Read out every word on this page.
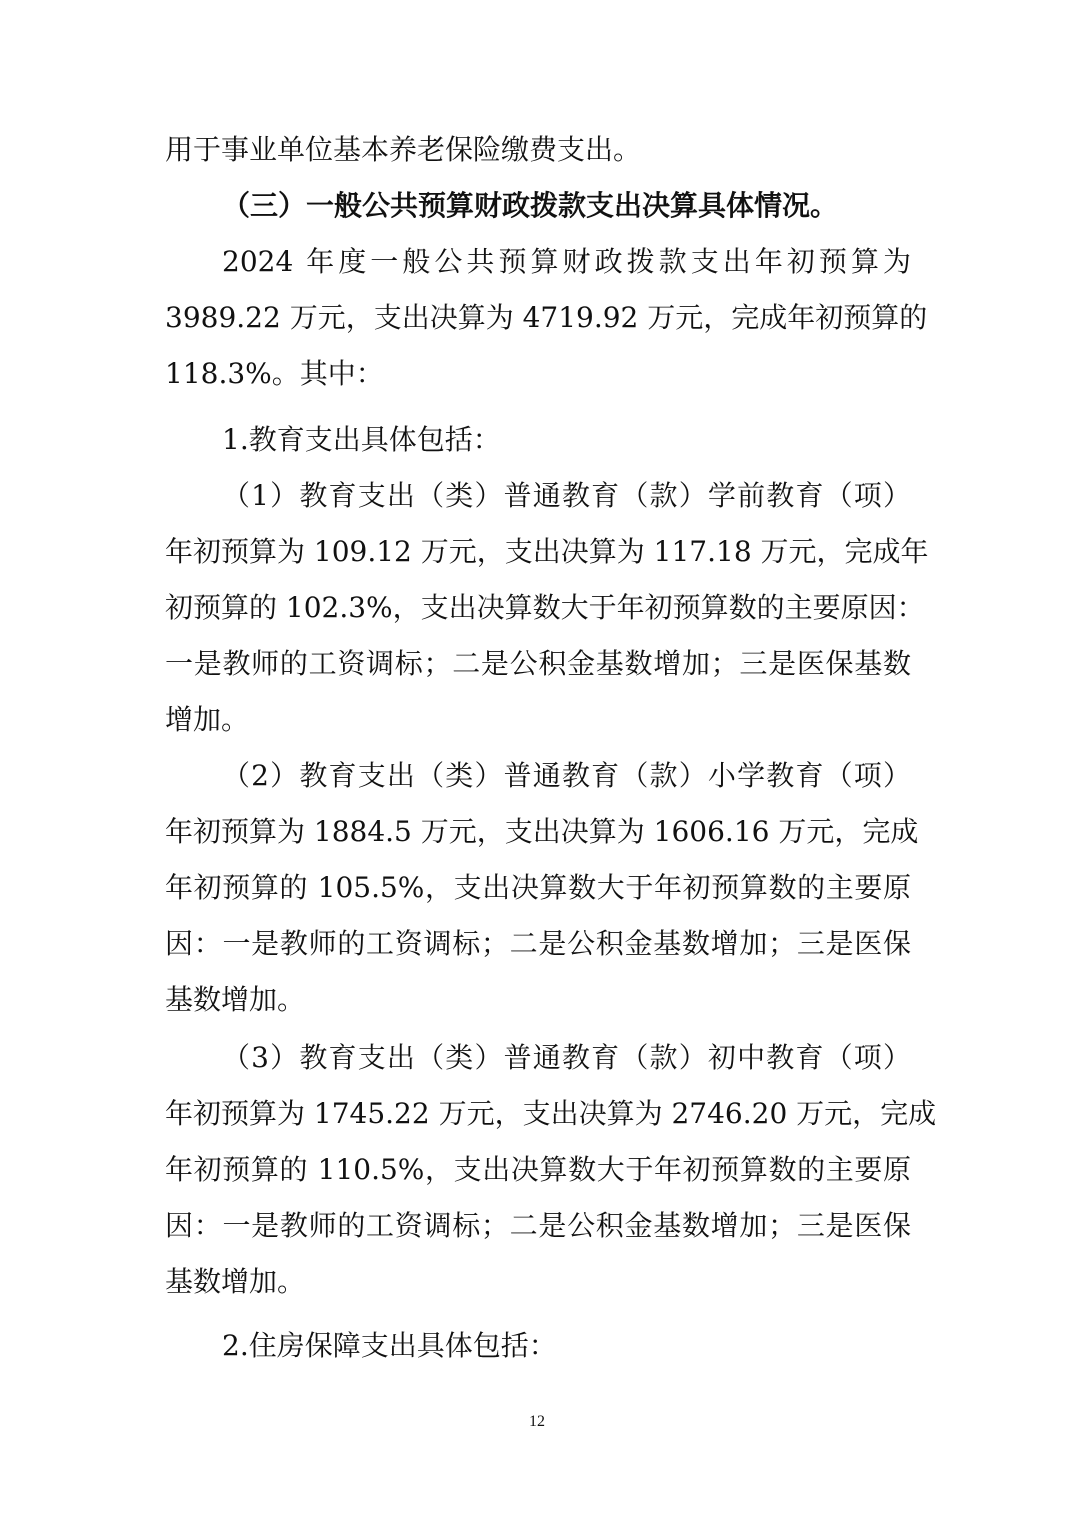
用于事业单位基本养老保险缴费支出。
（三）一般公共预算财政拨款支出决算具体情况。
2024 年度一般公共预算财政拨款支出年初预算为
3989.22 万元，支出决算为 4719.92 万元，完成年初预算的
118.3%。其中：
1.教育支出具体包括：
（1）教育支出（类）普通教育（款）学前教育（项）
年初预算为 109.12 万元，支出决算为 117.18 万元，完成年
初预算的 102.3%，支出决算数大于年初预算数的主要原因：
一是教师的工资调标；二是公积金基数增加；三是医保基数
增加。
（2）教育支出（类）普通教育（款）小学教育（项）
年初预算为 1884.5 万元，支出决算为 1606.16 万元，完成
年初预算的 105.5%，支出决算数大于年初预算数的主要原
因：一是教师的工资调标；二是公积金基数增加；三是医保
基数增加。
（3）教育支出（类）普通教育（款）初中教育（项）
年初预算为 1745.22 万元，支出决算为 2746.20 万元，完成
年初预算的 110.5%，支出决算数大于年初预算数的主要原
因：一是教师的工资调标；二是公积金基数增加；三是医保
基数增加。
2.住房保障支出具体包括：
12
